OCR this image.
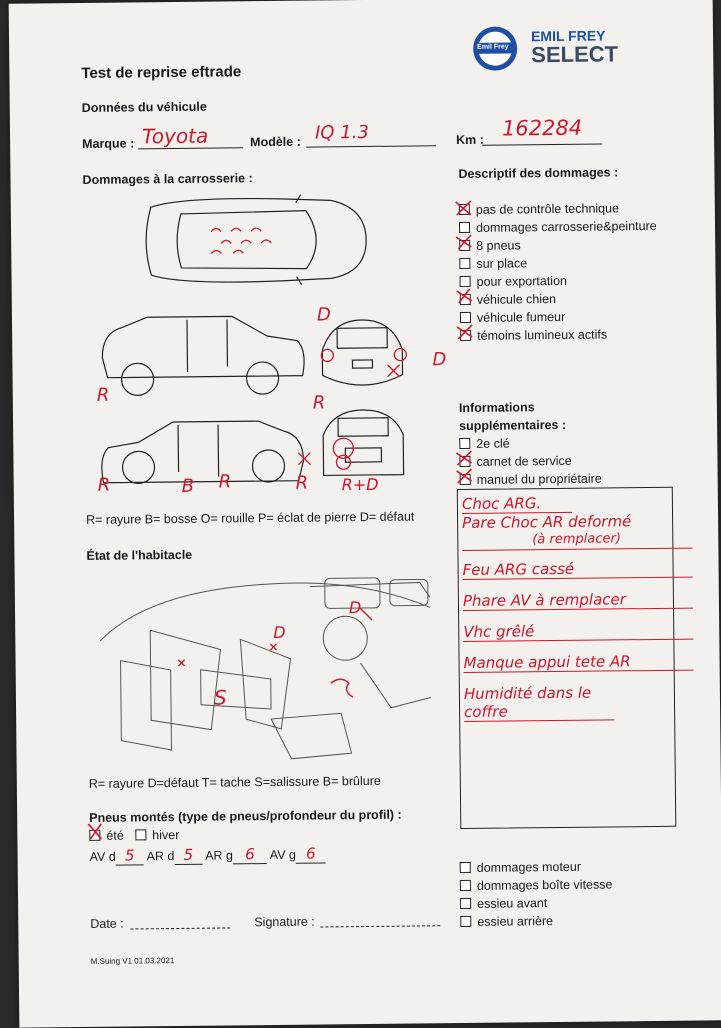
Emil Frey
EMIL FREY
SELECT
Test de reprise eftrade
Données du véhicule
Marque : Toyota	Modèle : IQ 1.3	Km : 162284
Dommages à la carrosserie :
R
R	B R	R
D
D
R
R+D
R= rayure B= bosse O= rouille P= éclat de pierre D= défaut
Descriptif des dommages :
pas de contrôle technique
dommages carrosserie&peinture
8 pneus
sur place
pour exportation
véhicule chien
véhicule fumeur
témoins lumineux actifs
Informations supplémentaires :
2e clé
carnet de service
manuel du propriétaire
Choc ARG.
Pare Choc AR deformé
(à remplacer)
Feu ARG cassé
Phare AV à remplacer
Vhc grêlé
Manque appui tete AR
Humidité dans le
coffre
État de l'habitacle
S
D
D
R= rayure D=défaut T= tache S=salissure B= brûlure
Pneus montés (type de pneus/profondeur du profil) :
été hiver
AV d 5 AR d 5 AR g 6 AV g 6
dommages moteur
dommages boîte vitesse
essieu avant
essieu arrière
Date :	Signature :
M.Suing V1 01.03.2021
